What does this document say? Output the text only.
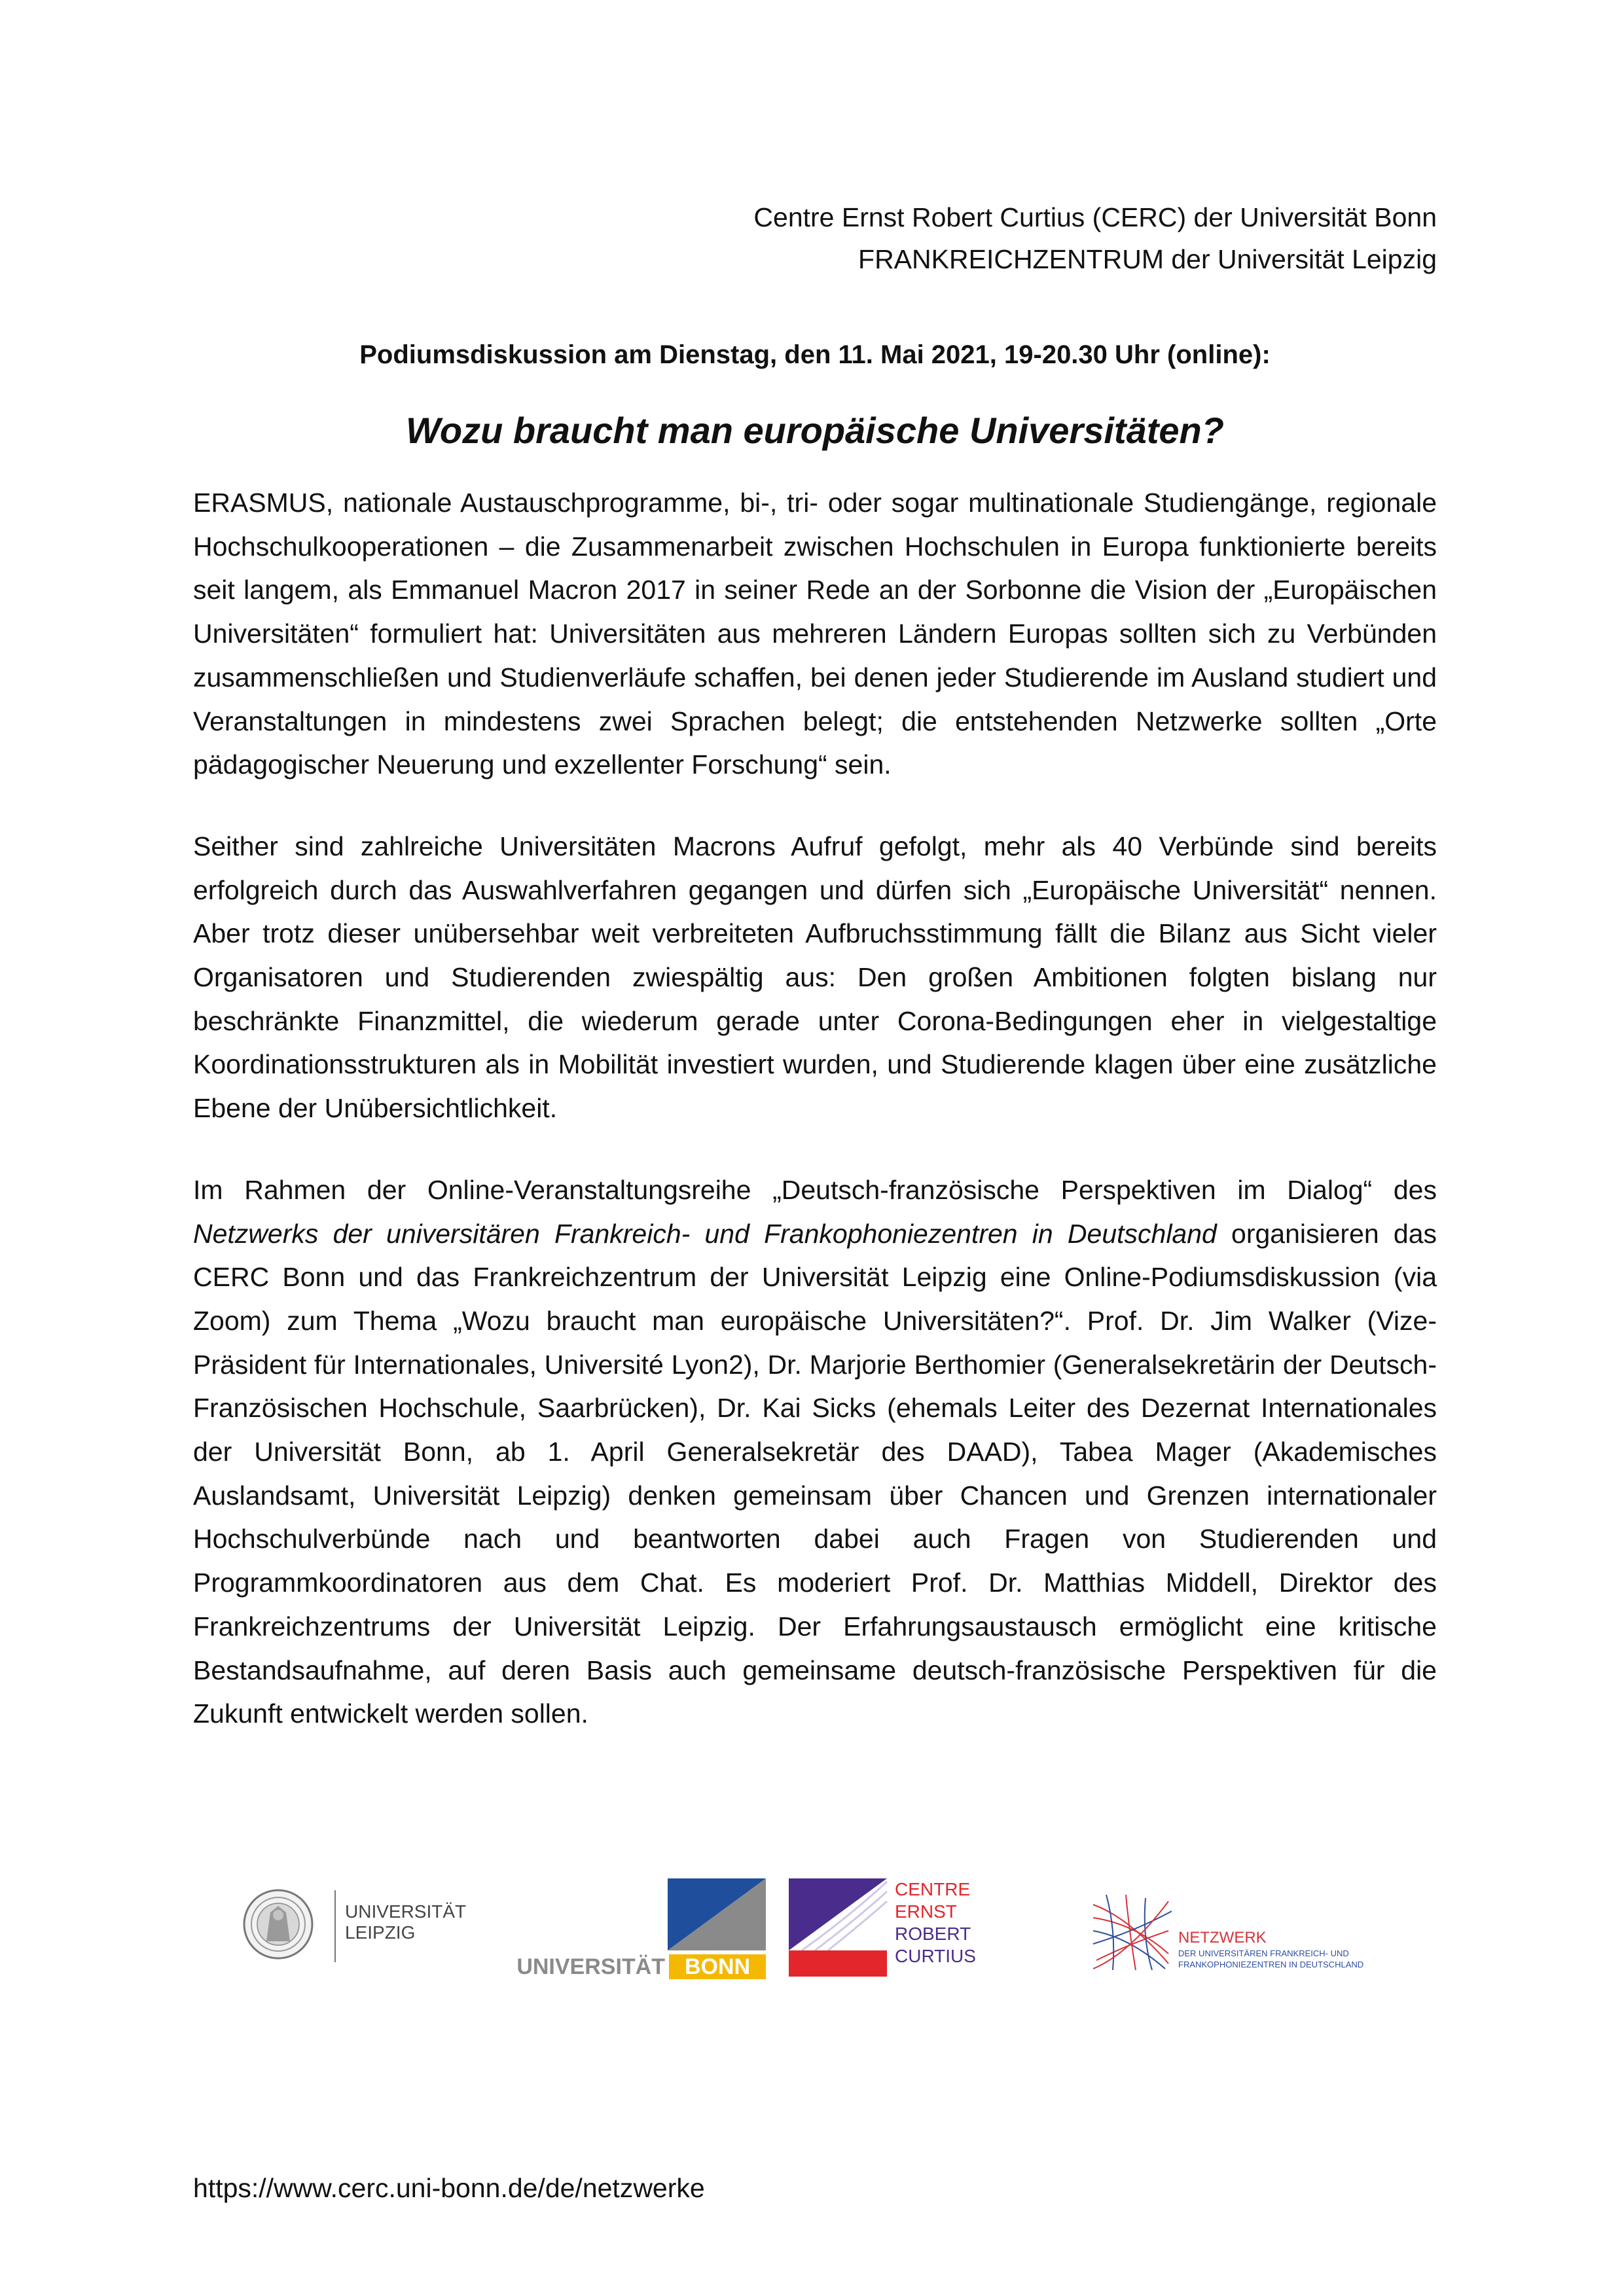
Centre Ernst Robert Curtius (CERC) der Universität Bonn
FRANKREICHZENTRUM der Universität Leipzig
Podiumsdiskussion am Dienstag, den 11. Mai 2021, 19-20.30 Uhr (online):
Wozu braucht man europäische Universitäten?

ERASMUS, nationale Austauschprogramme, bi-, tri- oder sogar multinationale Studiengänge, regionale Hochschulkooperationen – die Zusammenarbeit zwischen Hochschulen in Europa funktionierte bereits seit langem, als Emmanuel Macron 2017 in seiner Rede an der Sorbonne die Vision der „Europäischen Universitäten“ formuliert hat: Universitäten aus mehreren Ländern Europas sollten sich zu Verbünden zusammenschließen und Studienverläufe schaffen, bei denen jeder Studierende im Ausland studiert und Veranstaltungen in mindestens zwei Sprachen belegt; die entstehenden Netzwerke sollten „Orte pädagogischer Neuerung und exzellenter Forschung“ sein.

Seither sind zahlreiche Universitäten Macrons Aufruf gefolgt, mehr als 40 Verbünde sind bereits erfolgreich durch das Auswahlverfahren gegangen und dürfen sich „Europäische Universität“ nennen. Aber trotz dieser unübersehbar weit verbreiteten Aufbruchsstimmung fällt die Bilanz aus Sicht vieler Organisatoren und Studierenden zwiespältig aus: Den großen Ambitionen folgten bislang nur beschränkte Finanzmittel, die wiederum gerade unter Corona-Bedingungen eher in vielgestaltige Koordinationsstrukturen als in Mobilität investiert wurden, und Studierende klagen über eine zusätzliche Ebene der Unübersichtlichkeit.

Im Rahmen der Online-Veranstaltungsreihe „Deutsch-französische Perspektiven im Dialog“ des Netzwerks der universitären Frankreich- und Frankophoniezentren in Deutschland organisieren das CERC Bonn und das Frankreichzentrum der Universität Leipzig eine Online-Podiumsdiskussion (via Zoom) zum Thema „Wozu braucht man europäische Universitäten?“. Prof. Dr. Jim Walker (Vize-Präsident für Internationales, Université Lyon2), Dr. Marjorie Berthomier (Generalsekretärin der Deutsch-Französischen Hochschule, Saarbrücken), Dr. Kai Sicks (ehemals Leiter des Dezernat Internationales der Universität Bonn, ab 1. April Generalsekretär des DAAD), Tabea Mager (Akademisches Auslandsamt, Universität Leipzig) denken gemeinsam über Chancen und Grenzen internationaler Hochschulverbünde nach und beantworten dabei auch Fragen von Studierenden und Programmkoordinatoren aus dem Chat. Es moderiert Prof. Dr. Matthias Middell, Direktor des Frankreichzentrums der Universität Leipzig. Der Erfahrungsaustausch ermöglicht eine kritische Bestandsaufnahme, auf deren Basis auch gemeinsame deutsch-französische Perspektiven für die Zukunft entwickelt werden sollen.

UNIVERSITÄT
LEIPZIG
UNIVERSITÄT BONN
CENTRE
ERNST
ROBERT
CURTIUS
NETZWERK
DER UNIVERSITÄREN FRANKREICH- UND
FRANKOPHONIEZENTREN IN DEUTSCHLAND
https://www.cerc.uni-bonn.de/de/netzwerke
